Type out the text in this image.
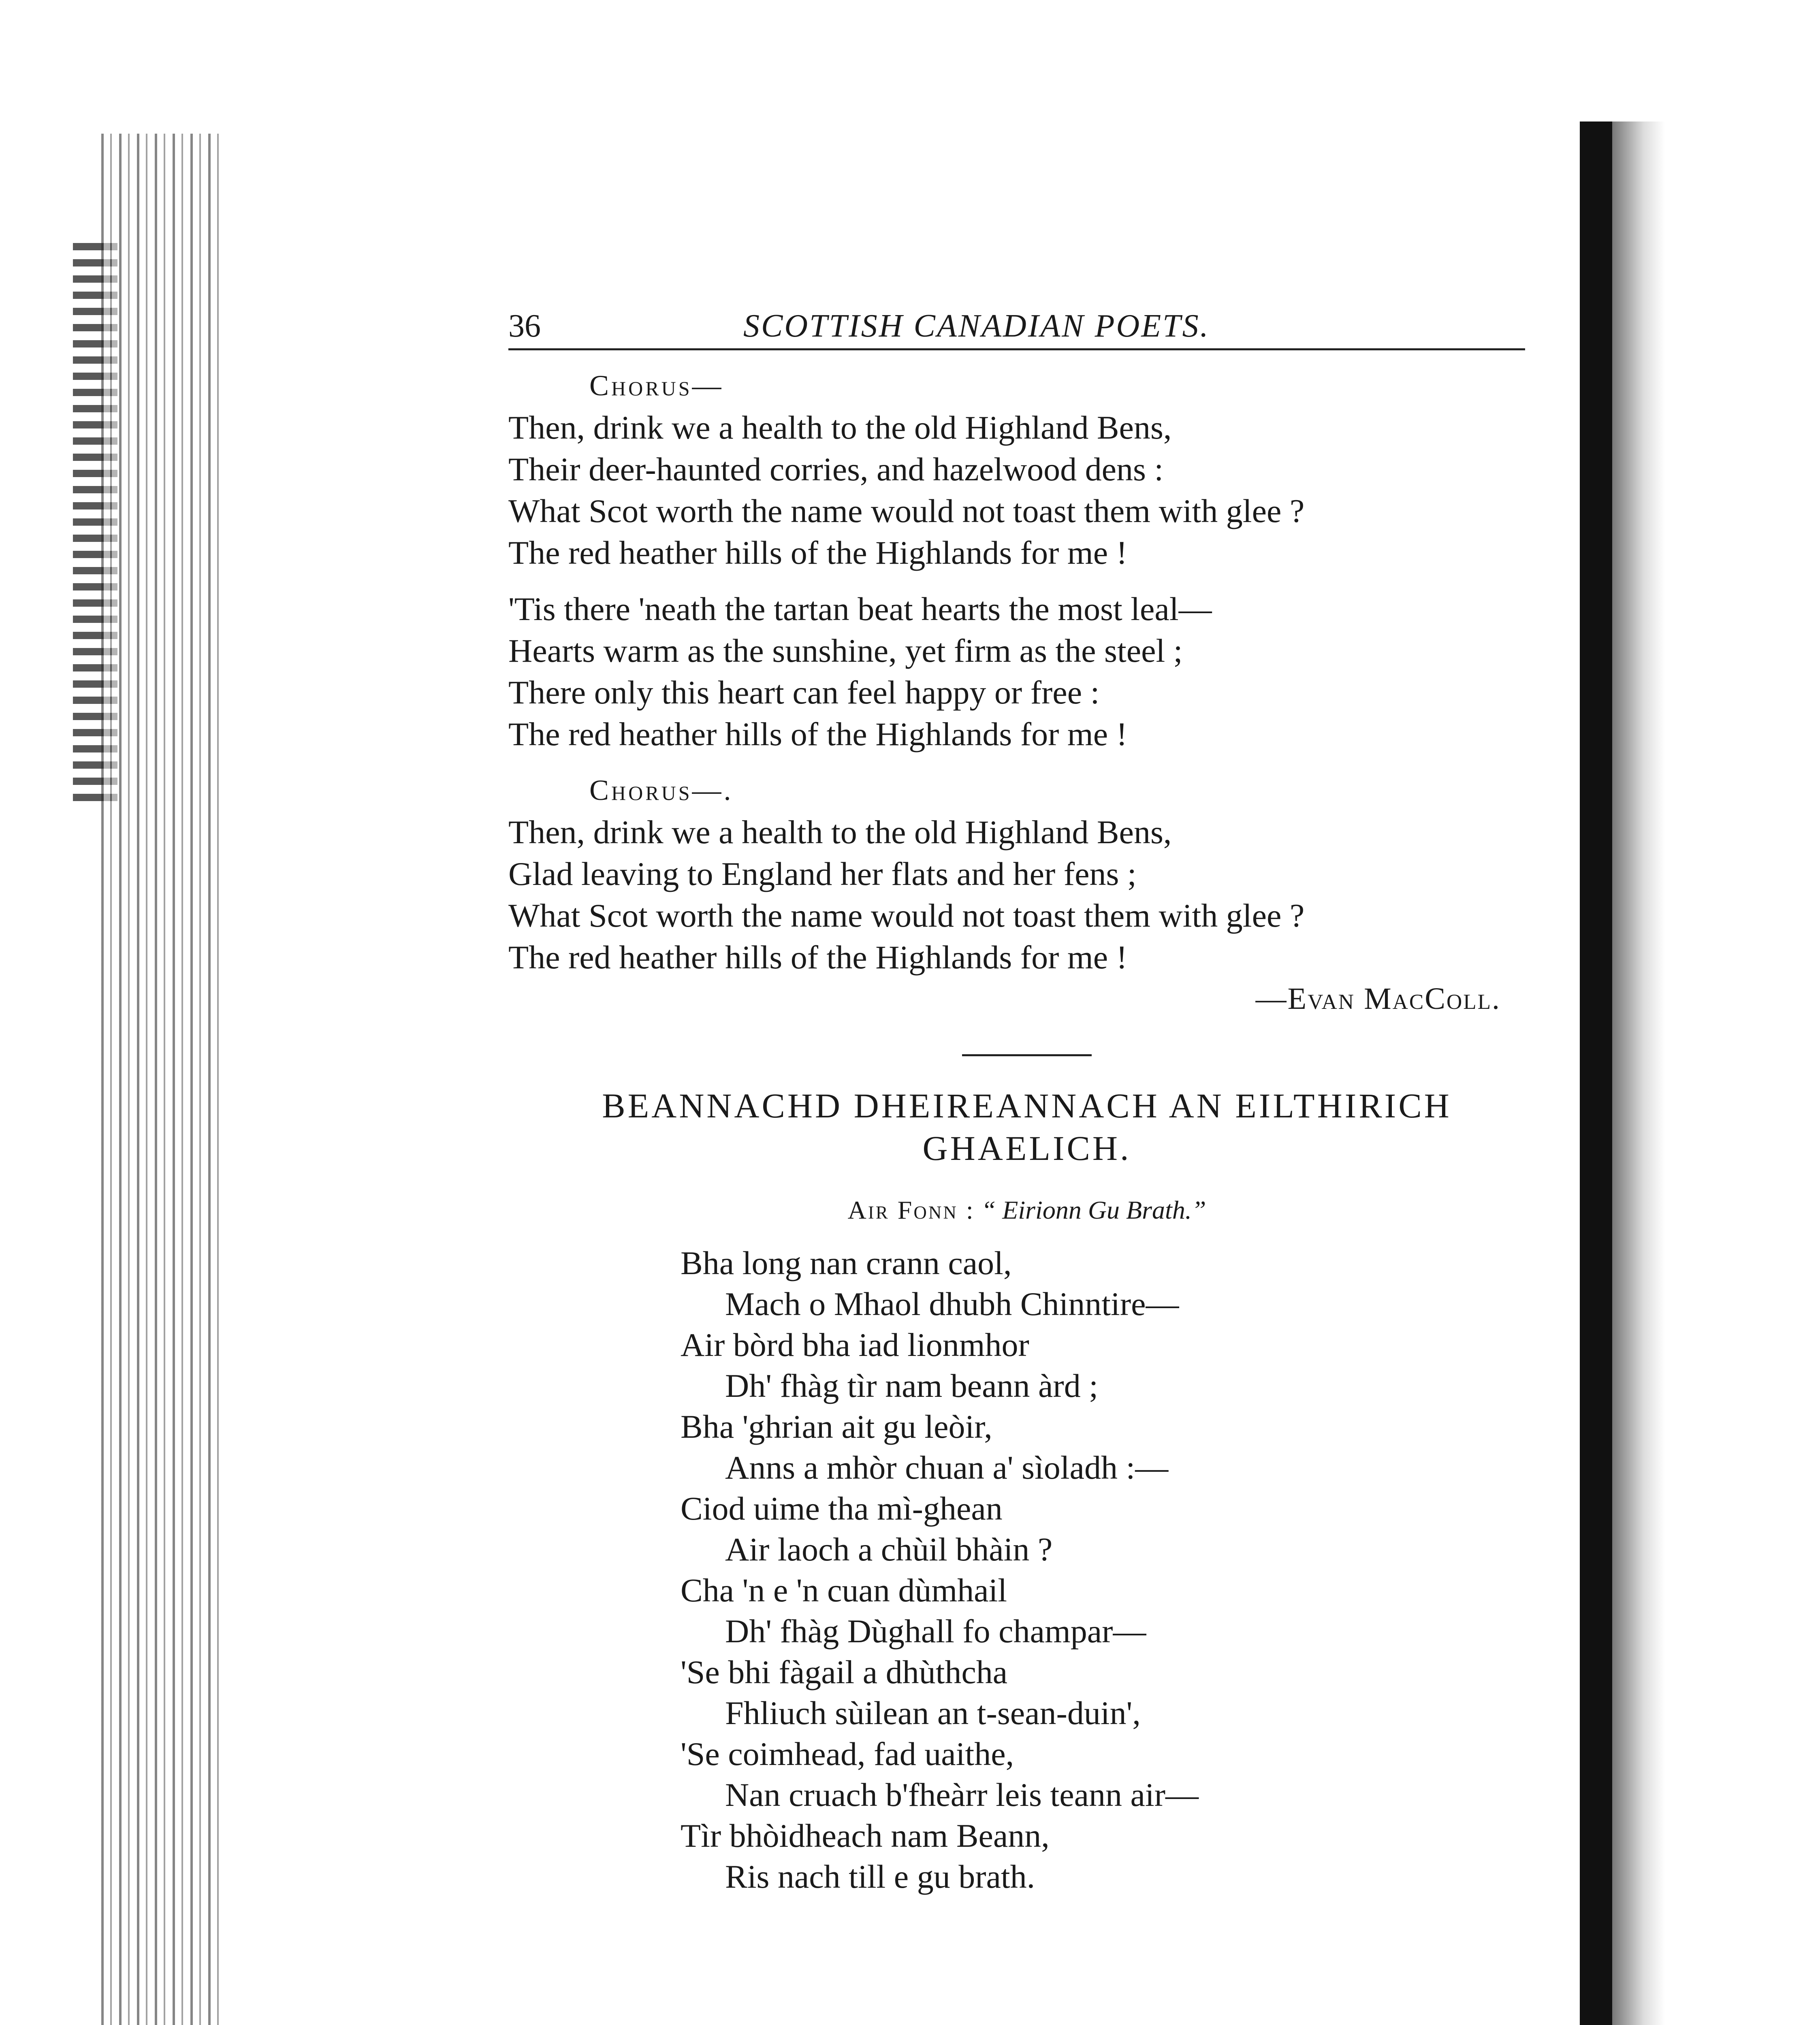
36	SCOTTISH CANADIAN POETS.
Chorus—
Then, drink we a health to the old Highland Bens,
Their deer-haunted corries, and hazelwood dens :
What Scot worth the name would not toast them with glee ?
The red heather hills of the Highlands for me !
'Tis there 'neath the tartan beat hearts the most leal—
Hearts warm as the sunshine, yet firm as the steel ;
There only this heart can feel happy or free :
The red heather hills of the Highlands for me !
Chorus—.
Then, drink we a health to the old Highland Bens,
Glad leaving to England her flats and her fens ;
What Scot worth the name would not toast them with glee ?
The red heather hills of the Highlands for me !
—Evan MacColl.
BEANNACHD DHEIREANNACH AN EILTHIRICH
GHAELICH.
Air Fonn : “ Eirionn Gu Brath.”
Bha long nan crann caol,
Mach o Mhaol dhubh Chinntire—
Air bòrd bha iad lionmhor
Dh' fhàg tìr nam beann àrd ;
Bha 'ghrian ait gu leòir,
Anns a mhòr chuan a' sìoladh :—
Ciod uime tha mì-ghean
Air laoch a chùil bhàin ?
Cha 'n e 'n cuan dùmhail
Dh' fhàg Dùghall fo champar—
'Se bhi fàgail a dhùthcha
Fhliuch sùilean an t-sean-duin',
'Se coimhead, fad uaithe,
Nan cruach b'fheàrr leis teann air—
Tìr bhòidheach nam Beann,
Ris nach till e gu brath.
